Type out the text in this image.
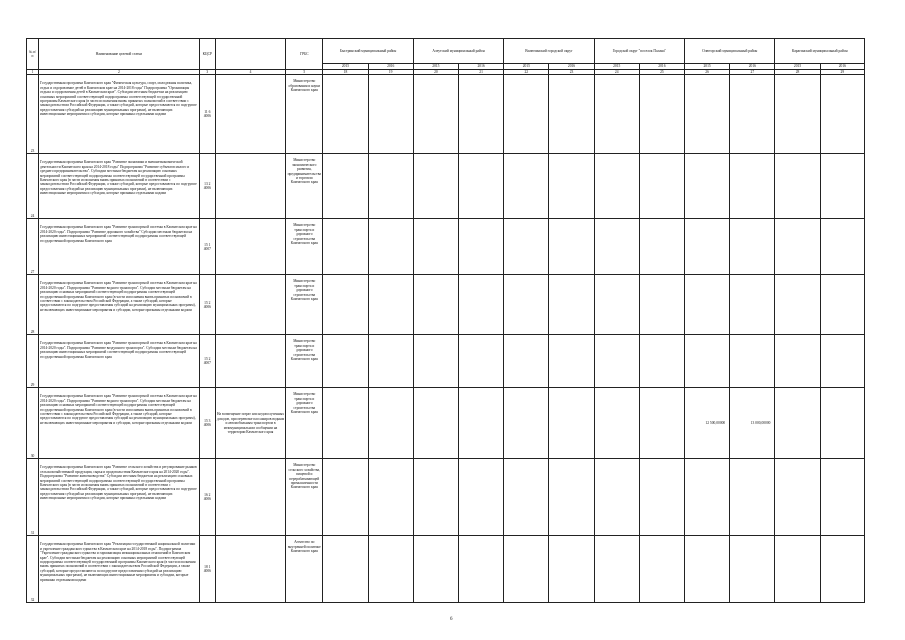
№ п/п	Наименование целевой статьи	КЦСР		ГРБС	Быстринский муниципальный район		Алеутский муниципальный район		Вилючинский городской округ		Городской округ "поселок Палана"		Олюторский муниципальный район		Карагинский муниципальный район	
					2015	2016	2015	2016	2015	2016	2015	2016	2015	2016	2015	2016
1	2	3	4	5	18	19	20	21	22	23	24	25	26	27	28	29
23	Государственная программа Камчатского края "Физическая культура, спорт, молодежная политика, отдых и оздоровление детей в Камчатском крае на 2014-2018 годы" Подпрограмма "Организация отдыха и оздоровления детей в Камчатском крае". Субсидии местным бюджетам на реализацию основных мероприятий соответствующей подпрограммы соответствующей государственной программы Камчатского края (в части исполнения вновь принятых полномочий в соответствии с законодательством Российской Федерации, а также субсидий, которые предоставляются по подгруппе предоставления субсидий на реализацию муниципальных программ), не включающих инвестиционные мероприятия и субсидии, которые признаны отдельными кодами	11 6 4006		Министерство образования и науки Камчатского края												
24	Государственная программа Камчатского края "Развитие экономики и внешнеэкономической деятельности Камчатского края на 2014-2018 годы" Подпрограмма "Развитие субъектов малого и среднего предпринимательства". Субсидии местным бюджетам на реализацию основных мероприятий соответствующей подпрограммы соответствующей государственной программы Камчатского края (в части исполнения вновь принятых полномочий в соответствии с законодательством Российской Федерации, а также субсидий, которые предоставляются по подгруппе предоставления субсидий на реализацию муниципальных программ), не включающих инвестиционные мероприятия и субсидии, которые признаны отдельными кодами	13 2 4006		Министерство экономического развития, предпринимательства и торговли Камчатского края												
27	Государственная программа Камчатского края "Развитие транспортной системы в Камчатском крае на 2014-2020 годы". Подпрограмма "Развитие дорожного хозяйства" Субсидии местным бюджетам на реализацию инвестиционных мероприятий соответствующей подпрограммы соответствующей государственной программы Камчатского края	15 1 4007		Министерство транспорта и дорожного строительства Камчатского края												
28	Государственная программа Камчатского края "Развитие транспортной системы в Камчатском крае на 2014-2020 годы". Подпрограмма "Развитие водного транспорта". Субсидии местным бюджетам на реализацию основных мероприятий соответствующей подпрограммы соответствующей государственной программы Камчатского края (в части исполнения вновь принятых полномочий в соответствии с законодательством Российской Федерации, а также субсидий, которые предоставляются по подгруппе предоставления субсидий на реализацию муниципальных программ), не включающих инвестиционные мероприятия и субсидии, которые признаны отдельными кодами	15 2 4006		Министерство транспорта и дорожного строительства Камчатского края												
29	Государственная программа Камчатского края "Развитие транспортной системы в Камчатском крае на 2014-2020 годы". Подпрограмма "Развитие воздушного транспорта". Субсидии местным бюджетам на реализацию инвестиционных мероприятий соответствующей подпрограммы соответствующей государственной программы Камчатского края	15 2 4007		Министерство транспорта и дорожного строительства Камчатского края												
30	Государственная программа Камчатского края "Развитие транспортной системы в Камчатском крае на 2014-2020 годы". Подпрограмма "Развитие водного транспорта". Субсидии местным бюджетам на реализацию основных мероприятий соответствующей подпрограммы соответствующей государственной программы Камчатского края (в части исполнения вновь принятых полномочий в соответствии с законодательством Российской Федерации, а также субсидий, которые предоставляются по подгруппе предоставления субсидий на реализацию муниципальных программ), не включающих инвестиционные мероприятия и субсидии, которые признаны отдельными кодами	15 3 4006	На возмещение затрат или недополученных доходов, при перевозке пассажиров водным и автомобильным транспортом в межмуниципальном сообщении на территории Камчатского края	Министерство транспорта и дорожного строительства Камчатского края									12 500,00000	13 000,00000		
31	Государственная программа Камчатского края "Развитие сельского хозяйства и регулирование рынков сельскохозяйственной продукции, сырья и продовольствия Камчатского края на 2014-2020 годы". Подпрограмма "Развитие животноводства" Субсидии местным бюджетам на реализацию основных мероприятий соответствующей подпрограммы соответствующей государственной программы Камчатского края (в части исполнения вновь принятых полномочий в соответствии с законодательством Российской Федерации, а также субсидий, которые предоставляются по подгруппе предоставления субсидий на реализацию муниципальных программ), не включающих инвестиционные мероприятия и субсидии, которые признаны отдельными кодами	16 2 4006		Министерство сельского хозяйства, пищевой и перерабатывающей промышленности Камчатского края												
32	Государственная программа Камчатского края "Реализация государственной национальной политики и укрепление гражданского единства в Камчатском крае на 2014-2018 годы". Подпрограмма "Укрепление гражданского единства и гармонизация межнациональных отношений в Камчатском крае". Субсидии местным бюджетам на реализацию основных мероприятий соответствующей подпрограммы соответствующей государственной программы Камчатского края (в части исполнения вновь принятых полномочий в соответствии с законодательством Российской Федерации, а также субсидий, которые предоставляются по подгруппе предоставления субсидий на реализацию муниципальных программ), не включающих инвестиционные мероприятия и субсидии, которые признаны отдельными кодами	18 1 4006		Агентство по внутренней политике Камчатского края												
6
